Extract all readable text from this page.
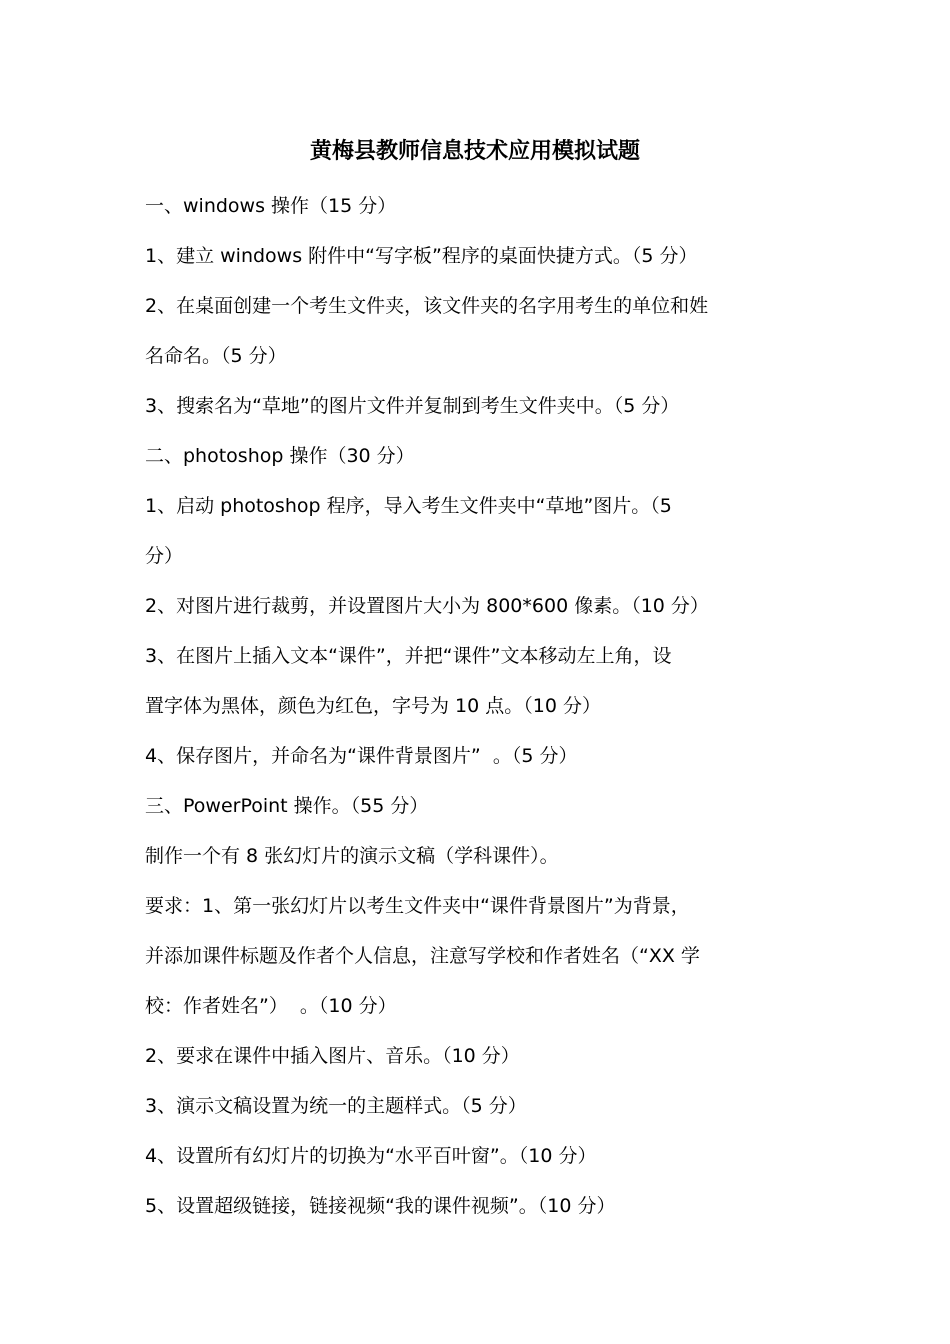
黄梅县教师信息技术应用模拟试题

一、windows 操作（15 分）

1、建立 windows 附件中“写字板”程序的桌面快捷方式。（5 分）

2、在桌面创建一个考生文件夹，该文件夹的名字用考生的单位和姓

名命名。（5 分）

3、搜索名为“草地”的图片文件并复制到考生文件夹中。（5 分）

二、photoshop 操作（30 分）

1、启动 photoshop 程序，导入考生文件夹中“草地”图片。（5

分）

2、对图片进行裁剪，并设置图片大小为 800*600 像素。（10 分）

3、在图片上插入文本“课件”，并把“课件”文本移动左上角，设

置字体为黑体，颜色为红色，字号为 10 点。（10 分）

4、保存图片，并命名为“课件背景图片”  。（5 分）

三、PowerPoint 操作。（55 分）

制作一个有 8 张幻灯片的演示文稿（学科课件）。

要求：1、第一张幻灯片以考生文件夹中“课件背景图片”为背景，

并添加课件标题及作者个人信息，注意写学校和作者姓名（“XX 学

校：作者姓名”）  。（10 分）

2、要求在课件中插入图片、音乐。（10 分）

3、演示文稿设置为统一的主题样式。（5 分）

4、设置所有幻灯片的切换为“水平百叶窗”。（10 分）

5、设置超级链接，链接视频“我的课件视频”。（10 分）
